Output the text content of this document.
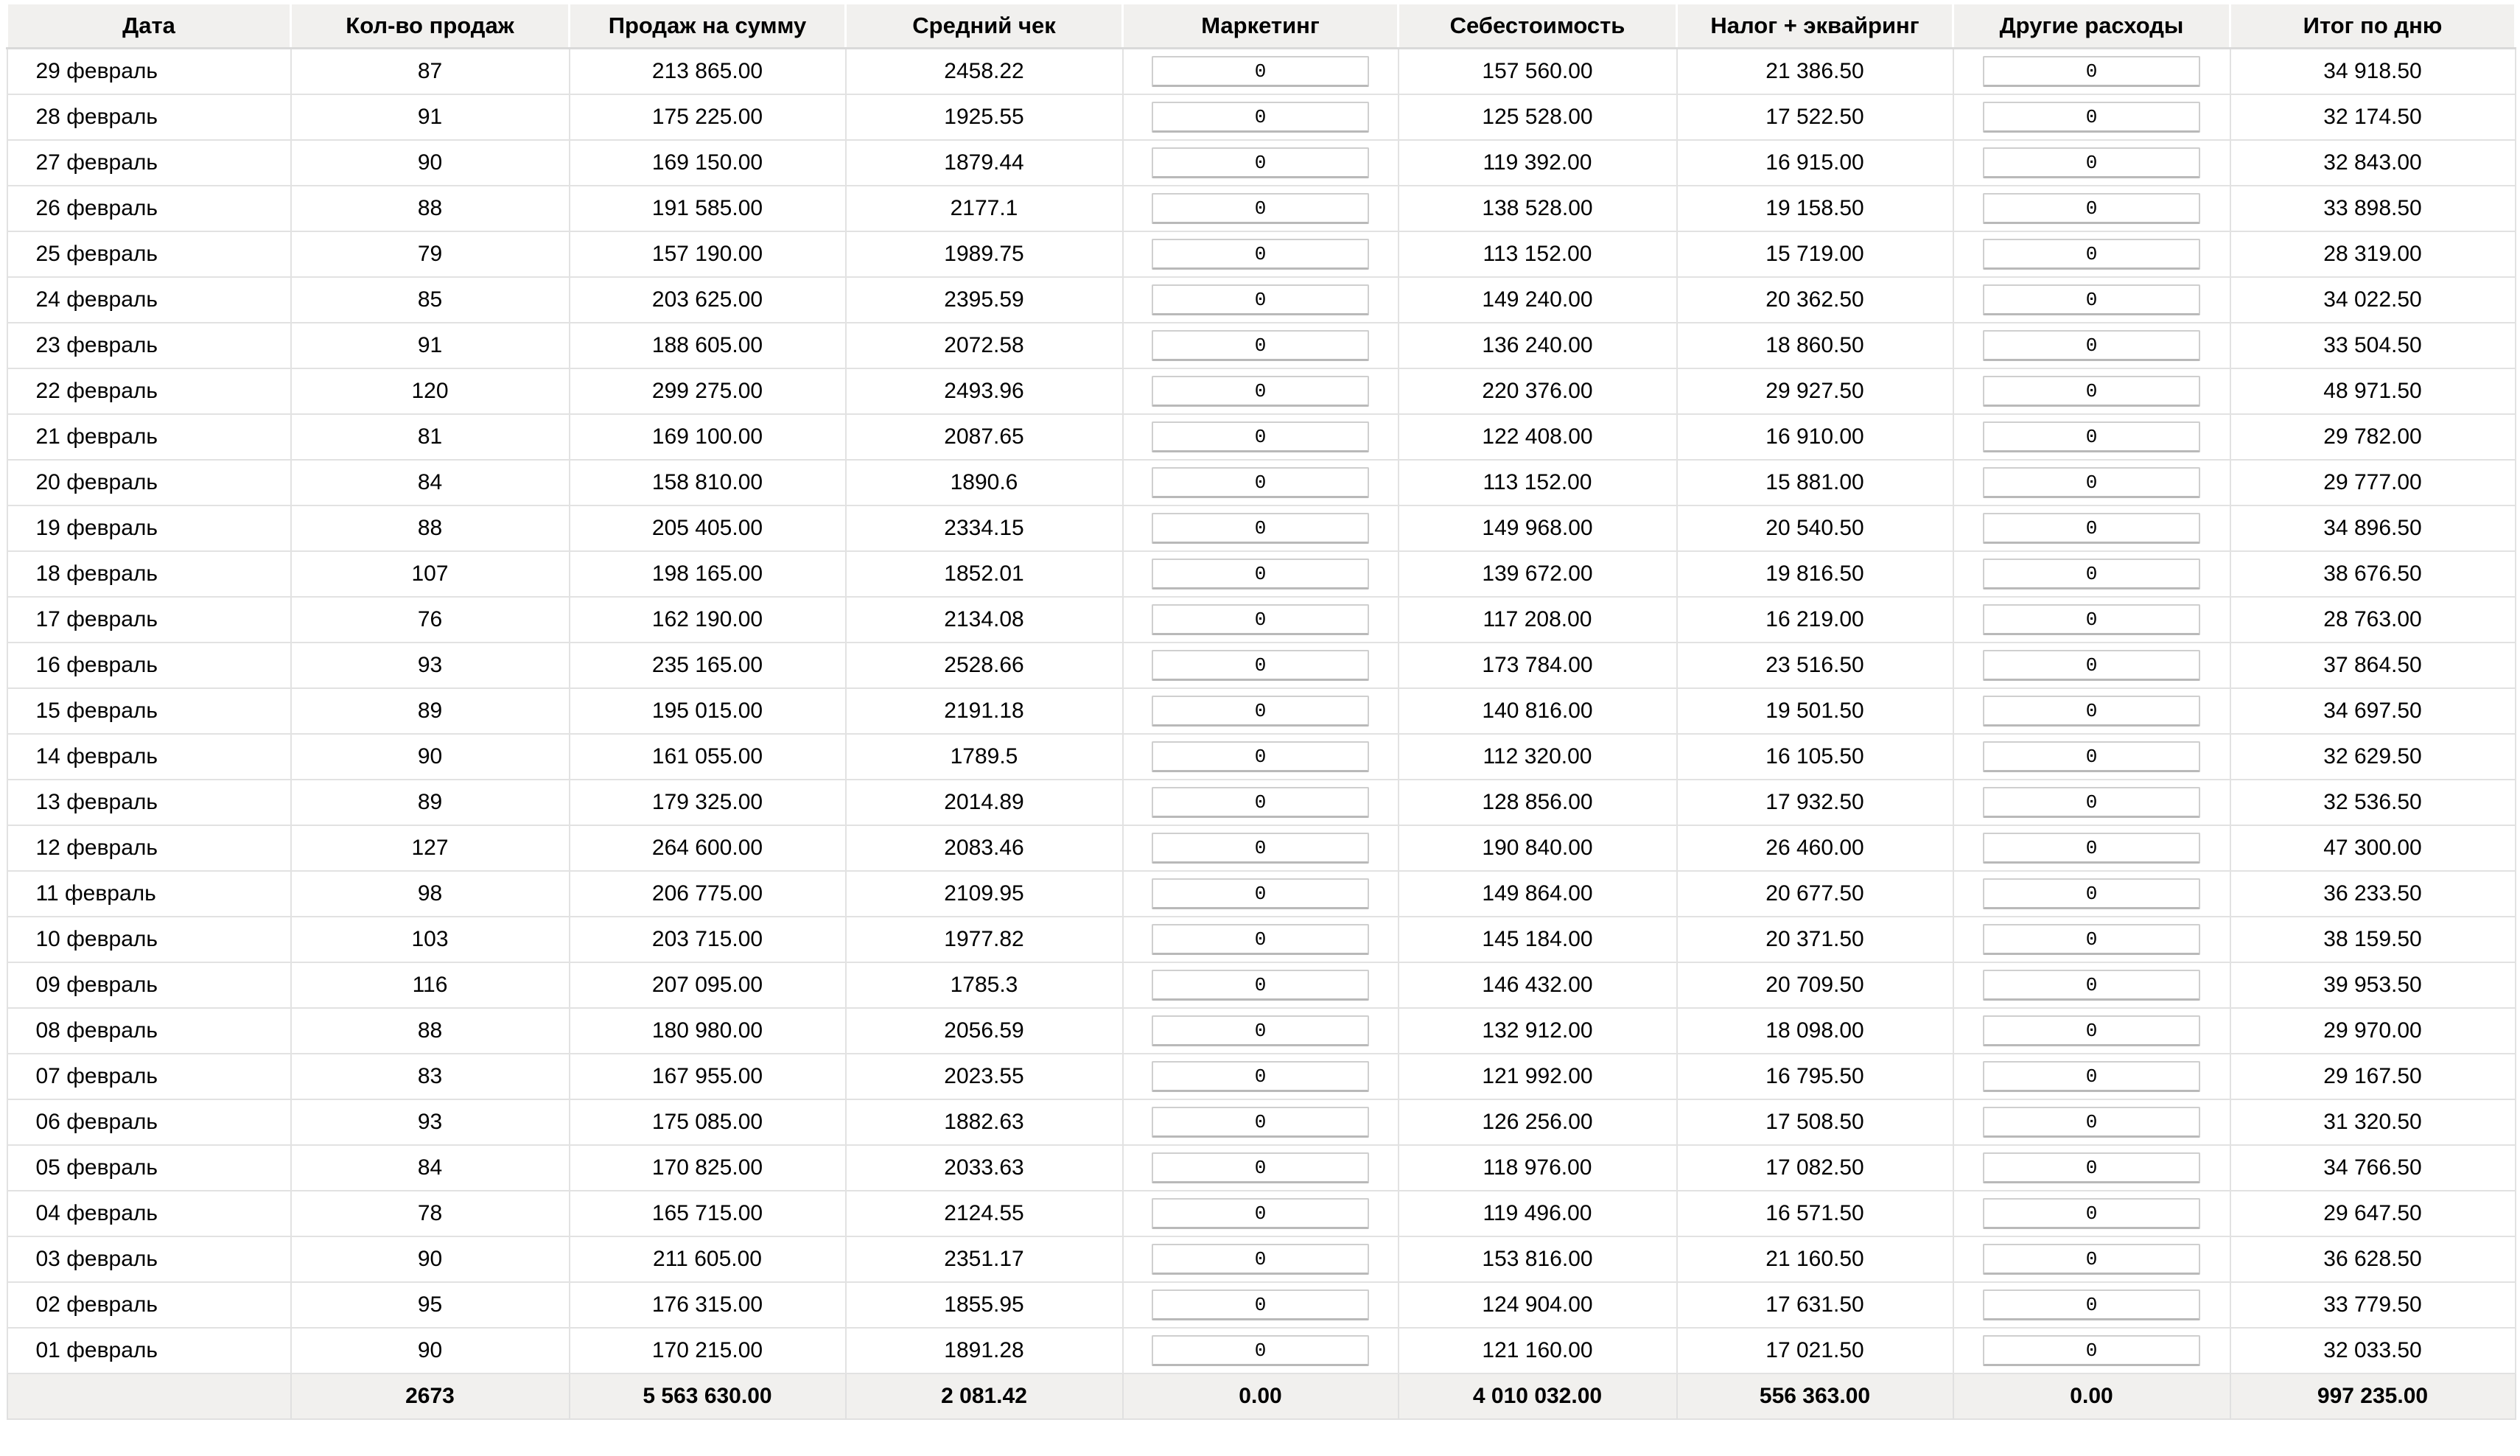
Дата	Кол-во продаж	Продаж на сумму	Средний чек	Маркетинг	Себестоимость	Налог + эквайринг	Другие расходы	Итог по дню
29 февраль	87	213 865.00	2458.22	0	157 560.00	21 386.50	0	34 918.50
28 февраль	91	175 225.00	1925.55	0	125 528.00	17 522.50	0	32 174.50
27 февраль	90	169 150.00	1879.44	0	119 392.00	16 915.00	0	32 843.00
26 февраль	88	191 585.00	2177.1	0	138 528.00	19 158.50	0	33 898.50
25 февраль	79	157 190.00	1989.75	0	113 152.00	15 719.00	0	28 319.00
24 февраль	85	203 625.00	2395.59	0	149 240.00	20 362.50	0	34 022.50
23 февраль	91	188 605.00	2072.58	0	136 240.00	18 860.50	0	33 504.50
22 февраль	120	299 275.00	2493.96	0	220 376.00	29 927.50	0	48 971.50
21 февраль	81	169 100.00	2087.65	0	122 408.00	16 910.00	0	29 782.00
20 февраль	84	158 810.00	1890.6	0	113 152.00	15 881.00	0	29 777.00
19 февраль	88	205 405.00	2334.15	0	149 968.00	20 540.50	0	34 896.50
18 февраль	107	198 165.00	1852.01	0	139 672.00	19 816.50	0	38 676.50
17 февраль	76	162 190.00	2134.08	0	117 208.00	16 219.00	0	28 763.00
16 февраль	93	235 165.00	2528.66	0	173 784.00	23 516.50	0	37 864.50
15 февраль	89	195 015.00	2191.18	0	140 816.00	19 501.50	0	34 697.50
14 февраль	90	161 055.00	1789.5	0	112 320.00	16 105.50	0	32 629.50
13 февраль	89	179 325.00	2014.89	0	128 856.00	17 932.50	0	32 536.50
12 февраль	127	264 600.00	2083.46	0	190 840.00	26 460.00	0	47 300.00
11 февраль	98	206 775.00	2109.95	0	149 864.00	20 677.50	0	36 233.50
10 февраль	103	203 715.00	1977.82	0	145 184.00	20 371.50	0	38 159.50
09 февраль	116	207 095.00	1785.3	0	146 432.00	20 709.50	0	39 953.50
08 февраль	88	180 980.00	2056.59	0	132 912.00	18 098.00	0	29 970.00
07 февраль	83	167 955.00	2023.55	0	121 992.00	16 795.50	0	29 167.50
06 февраль	93	175 085.00	1882.63	0	126 256.00	17 508.50	0	31 320.50
05 февраль	84	170 825.00	2033.63	0	118 976.00	17 082.50	0	34 766.50
04 февраль	78	165 715.00	2124.55	0	119 496.00	16 571.50	0	29 647.50
03 февраль	90	211 605.00	2351.17	0	153 816.00	21 160.50	0	36 628.50
02 февраль	95	176 315.00	1855.95	0	124 904.00	17 631.50	0	33 779.50
01 февраль	90	170 215.00	1891.28	0	121 160.00	17 021.50	0	32 033.50
	2673	5 563 630.00	2 081.42	0.00	4 010 032.00	556 363.00	0.00	997 235.00
